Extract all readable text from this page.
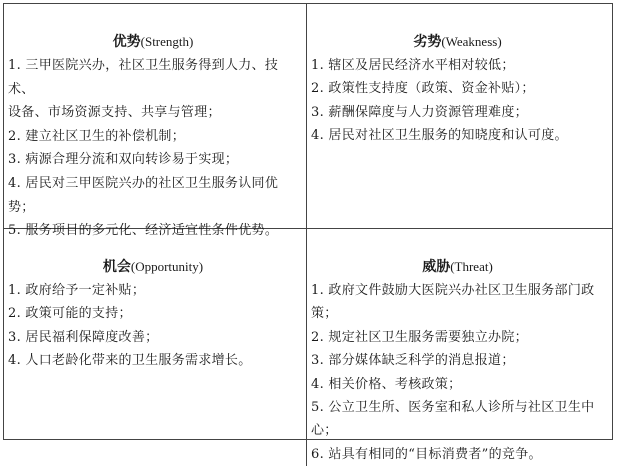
优势(Strength)
1. 三甲医院兴办，社区卫生服务得到人力、技术、
设备、市场资源支持、共享与管理；
2. 建立社区卫生的补偿机制；
3. 病源合理分流和双向转诊易于实现；
4. 居民对三甲医院兴办的社区卫生服务认同优势；
5. 服务项目的多元化、经济适宜性条件优势。
劣势(Weakness)
1. 辖区及居民经济水平相对较低；
2. 政策性支持度（政策、资金补贴）；
3. 薪酬保障度与人力资源管理难度；
4. 居民对社区卫生服务的知晓度和认可度。
机会(Opportunity)
1. 政府给予一定补贴；
2. 政策可能的支持；
3. 居民福利保障度改善；
4. 人口老龄化带来的卫生服务需求增长。
威胁(Threat)
1. 政府文件鼓励大医院兴办社区卫生服务部门政策；
2. 规定社区卫生服务需要独立办院；
3. 部分媒体缺乏科学的消息报道；
4. 相关价格、考核政策；
5. 公立卫生所、医务室和私人诊所与社区卫生中心；
6. 站具有相同的“目标消费者”的竞争。
